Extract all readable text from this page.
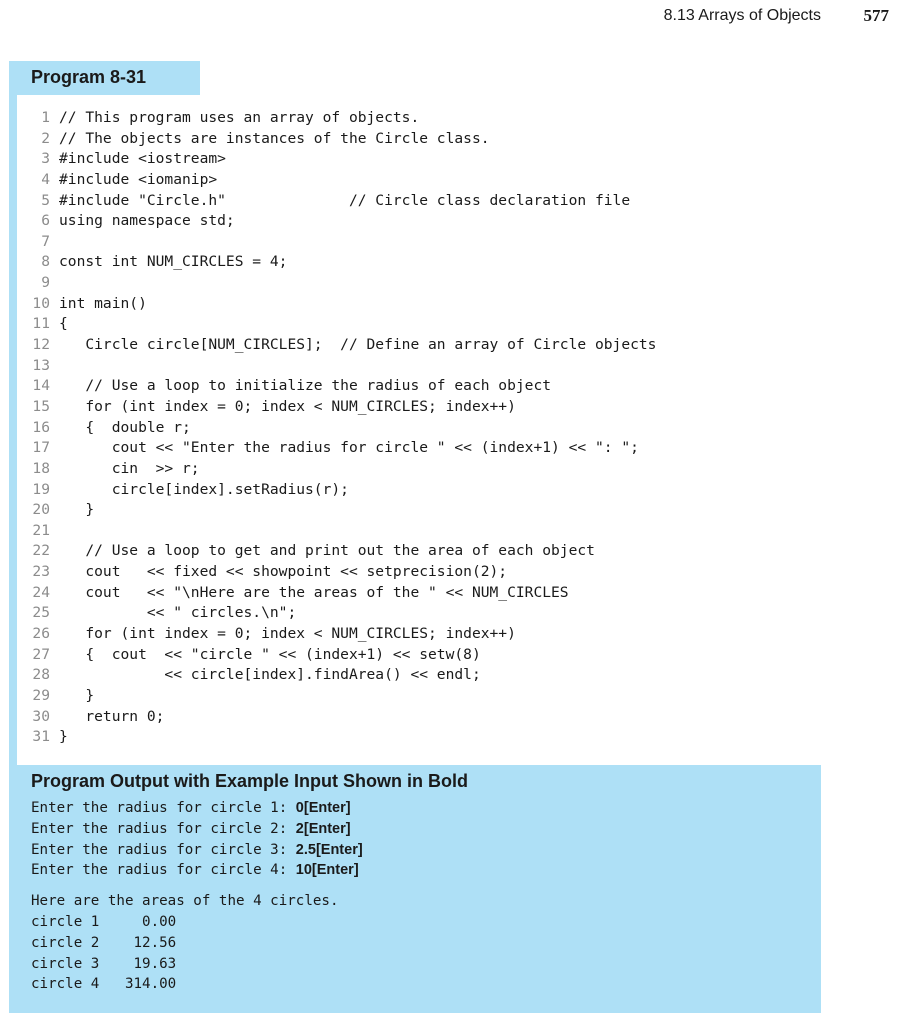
8.13 Arrays of Objects	577
Program 8-31
1 // This program uses an array of objects.
2 // The objects are instances of the Circle class.
3 #include <iostream>
4 #include <iomanip>
5 #include "Circle.h"              // Circle class declaration file
6 using namespace std;
7
8 const int NUM_CIRCLES = 4;
9
10 int main()
11 {
12   Circle circle[NUM_CIRCLES];  // Define an array of Circle objects
13
14   // Use a loop to initialize the radius of each object
15   for (int index = 0; index < NUM_CIRCLES; index++)
16   {  double r;
17      cout << "Enter the radius for circle " << (index+1) << ": ";
18      cin  >> r;
19      circle[index].setRadius(r);
20   }
21
22   // Use a loop to get and print out the area of each object
23   cout   << fixed << showpoint << setprecision(2);
24   cout   << "\nHere are the areas of the " << NUM_CIRCLES
25          << " circles.\n";
26   for (int index = 0; index < NUM_CIRCLES; index++)
27   {  cout  << "circle " << (index+1) << setw(8)
28            << circle[index].findArea() << endl;
29   }
30   return 0;
31 }
Program Output with Example Input Shown in Bold
Enter the radius for circle 1: 0[Enter]
Enter the radius for circle 2: 2[Enter]
Enter the radius for circle 3: 2.5[Enter]
Enter the radius for circle 4: 10[Enter]
Here are the areas of the 4 circles.
circle 1     0.00
circle 2    12.56
circle 3    19.63
circle 4   314.00
